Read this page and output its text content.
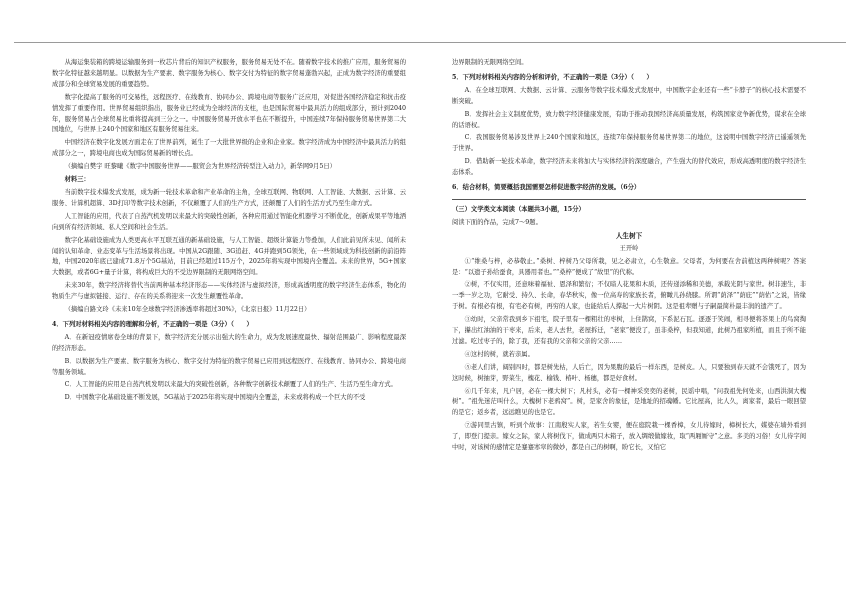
从海运集装箱的跨境运输服务到一枚芯片背后的知识产权服务，服务贸易无处不在。随着数字技术的推广应用，服务贸易的数字化特征越来越明显。以数据为生产要素、数字服务为核心、数字交付为特征的数字贸易蓬勃兴起，正成为数字经济的重要组成部分和全球贸易发展的重要趋势。

数字化提高了服务的可交易性，远程医疗、在线教育、协同办公、跨境电商等服务广泛应用，对促进各国经济稳定和抗击疫情发挥了重要作用。世界贸易组织指出，服务业已经成为全球经济的支柱，也是国际贸易中最具活力的组成部分，预计到2040年，服务贸易占全球贸易比重将提高到三分之一。中国服务贸易开放水平也在不断提升，中国连续7年保持服务贸易世界第二大国地位，与世界上240个国家和地区有服务贸易往来。

中国经济在数字化发展方面走在了世界前列，诞生了一大批世界级的企业和企业家。数字经济成为中国经济中最具活力的组成部分之一，跨境电商也成为国际贸易新的增长点。

（摘编自樊宇 旺黎曦《数字中国服务世界——服贸会为世界经济转型注入动力》，新华网9月5日）

材料三：

当前数字技术爆发式发展，成为新一轮技术革命和产业革命的主角，全球互联网、物联网、人工智能、大数据、云计算、云服务、计算机超算、3D打印等数字技术创新，不仅颠覆了人们的生产方式，还颠覆了人们的生活方式乃至生命方式。

人工智能的应用，代表了自蒸汽机发明以来最大的突破性创新，各种应用通过智能化机器学习不断优化，创新成果平等地洒向到所有经济领域、私人空间和社会生活。

数字化基础设施成为人类更高水平互联互通的新基础设施，与人工智能、超级计算能力等叠加，人们此前见所未见、闻所未闻的认知革命、业态变革与生活场景将出现。中国从2G跟随、3G追赶、4G并跑到5G领先，在一些领域成为科技创新的前沿阵地，中国2020年底已建成71.8万个5G基站，目前已经超过115万个，2025年将实现中国境内全覆盖。未来的世界，5G+国家大数据，或者6G+量子计算，将构成巨大的不受边界限制的无限网络空间。

未来30年，数字经济将替代当前两种基本经济形态——实体经济与虚拟经济，形成高透明度的数字经济生态体系，物化的物质生产与虚拟链接、运行、存在的关系将迎来一次发生颠覆性革命。

（摘编自路文玲《未来10年全球数字经济渗透率将超过30%》，《北京日报》11月22日）

4．下列对材料相关内容的理解和分析，不正确的一项是（3分）（　　）

A．在新冠疫情席卷全球的背景下，数字经济充分展示出强大的生命力，成为发展速度最快、辐射范围最广、影响程度最深的经济形态。

B．以数据为生产要素、数字服务为核心、数字交付为特征的数字贸易已应用到远程医疗、在线教育、协同办公、跨境电商等服务领域。

C．人工智能的应用是自蒸汽机发明以来最大的突破性创新，各种数字创新技术颠覆了人们的生产、生活乃至生命方式。

D．中国数字化基础设施不断发展，5G基站于2025年将实现中国境内全覆盖，未来或将构成一个巨大的不受

边界限制的无限网络空间。

5．下列对材料相关内容的分析和评价，不正确的一项是（3分）（　　）

A．在全球互联网、大数据、云计算、云服务等数字技术爆发式发展中，中国数字企业还有一些“卡脖子”的核心技术需要不断突破。

B．发挥社会主义制度优势，致力数字经济健康发展，有助于推动我国经济高质量发展，构筑国家竞争新优势，谋求在全球的话语权。

C．我国服务贸易涉及世界上240个国家和地区，连续7年保持服务贸易世界第二的地位，这说明中国数字经济已遥遥领先于世界。

D．借助新一轮技术革命，数字经济未来将加大与实体经济的深度融合，产生强大的替代效应，形成高透明度的数字经济生态体系。

6．结合材料，简要概括我国需要怎样促进数字经济的发展。（6分）

（三）文学类文本阅读（本题共3小题，15分）

阅读下面的作品，完成7～9题。

人生树下

王开岭

①“维桑与梓，必恭敬止。”桑树、梓树乃父母所栽，见之必肃立，心生敬意。父母者，为何要在舍前植这两种树呢？答案是：“以遗子孙给蚕食，具器用者也。”“桑梓”便成了“故里”的代称。

②树，不仅实用，还意味着福祉、恩泽和繁衍；不仅暗人花果和木质，还传递添稀和美德，承载光阴与家世。树非速生，非一季一岁之功，它耐受、持久、长命，春华秋实，像一位高寿的家族长者，俯瞰儿孙绕膝。所谓“荫泽”“荫庇”“荫佑”之说，皆缘于树。有根必有根，有宅必有树，再穷的人家，也能给后人撑起一大片树阴。这是祖辈赠与子嗣最简朴最丰润的遗产了。

③幼时，父亲常我到乡下祖宅，院子里有一棵粗壮的枣树，上住鹊窝，下系泥石瓦。逐逐于笑闹，相寻便将茶果上的鸟窝掏下，攥出红油油的干枣来，后来，老人去世，老屋拆迁，“老家”便没了，虽非桑梓，但我知道，此树乃祖家所植，而且于所不能过滤。吃过枣子的，除了我，还有我的父亲和父亲的父亲……

④这村的树，就若亲属。

⑤老人们讲，阔别四时，都是树先枯，人后亡，因为果腹的最后一样东西，是树皮。人，只要独到春天就不会饿死了，因为这时候，树抽芽，野菜生，槐花、榆钱、椿叶、杨穗，都是好食材。

⑥几千年来，凡户居，必在一棵大树下；凡村头，必有一棵神采奕奕的老树，民谣中唱，“问我祖先何处来，山西洪洞大槐树”。“祖先迷茫叫什么，大槐树下老鸦窝”。树，是家舍的象征，是地址的招魂幡。它比屋高，比人久，离家者，最后一眼回望的是它；返乡者，远远瞧见的也是它。

⑦游同里古镇，听到个故事：江南殷实人家，若生女婴，便在庭院栽一棵香樟，女儿待嫁时，樟树长大，媒婆在墙外看到了，即登门提亲。嫁女之际，家人将树伐下，做成两只木箱子，放入绸缎做嫁妆，取“两厢厮守”之意。多美的习俗！女儿待字闺中时，对该树的感情定是蹇蹇寒窣的微妙，都是自己的树啊，盼它长，又怕它
